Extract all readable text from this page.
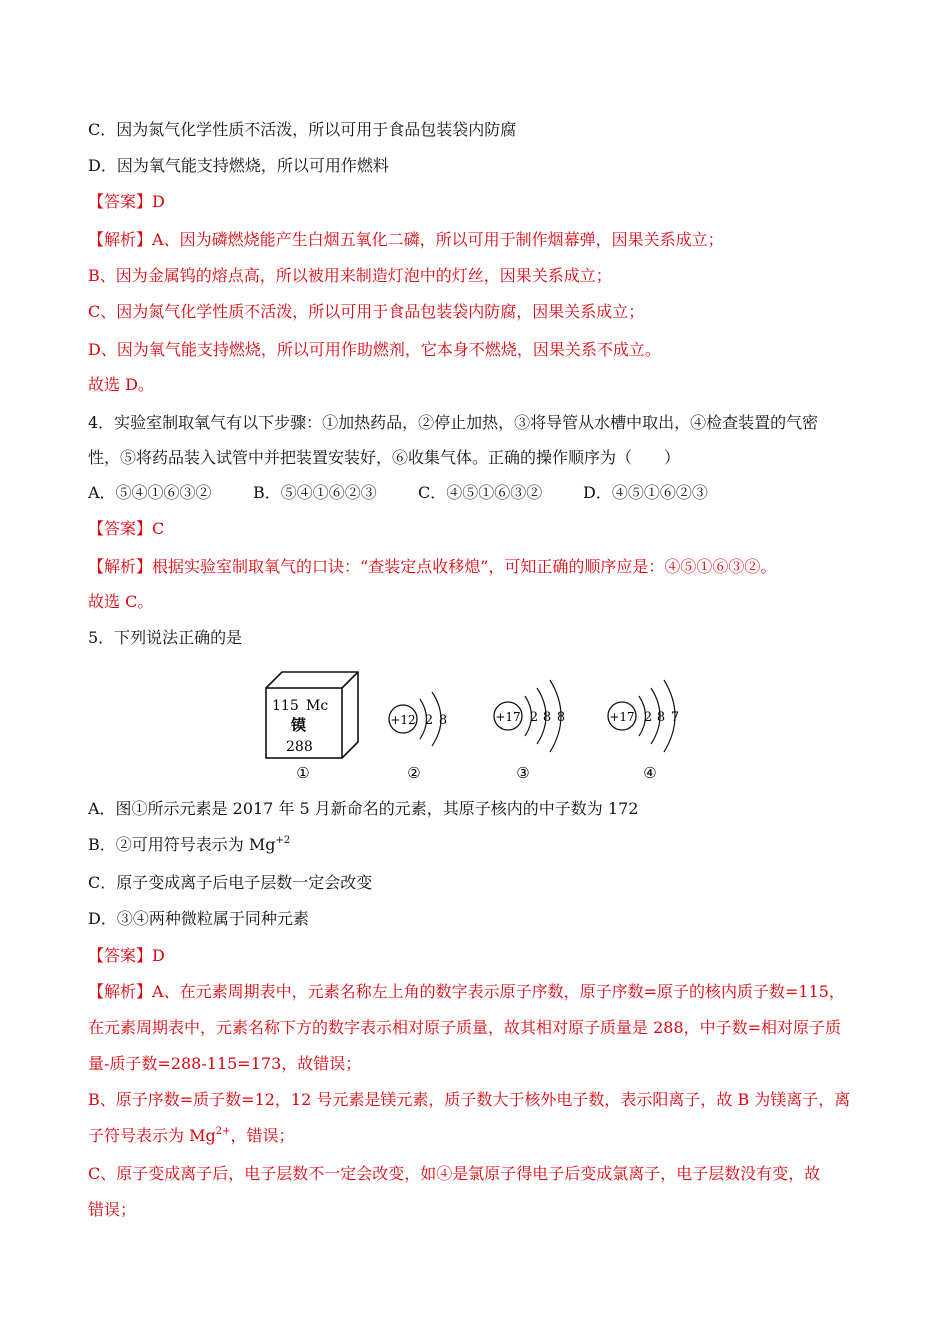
C．因为氮气化学性质不活泼，所以可用于食品包装袋内防腐
D．因为氧气能支持燃烧，所以可用作燃料
【答案】D
【解析】A、因为磷燃烧能产生白烟五氧化二磷，所以可用于制作烟幕弹，因果关系成立；
B、因为金属钨的熔点高，所以被用来制造灯泡中的灯丝，因果关系成立；
C、因为氮气化学性质不活泼，所以可用于食品包装袋内防腐，因果关系成立；
D、因为氧气能支持燃烧，所以可用作助燃剂，它本身不燃烧，因果关系不成立。
故选 D。
4．实验室制取氧气有以下步骤：①加热药品，②停止加热，③将导管从水槽中取出，④检查装置的气密
性，⑤将药品装入试管中并把装置安装好，⑥收集气体。正确的操作顺序为（　　）
A．⑤④①⑥③②	B．⑤④①⑥②③	C．④⑤①⑥③②	D．④⑤①⑥②③
【答案】C
【解析】根据实验室制取氧气的口诀：“查装定点收移熄”，可知正确的顺序应是：④⑤①⑥③②。
故选 C。
5．下列说法正确的是
115 Mc
镆
288
+12 2 8	+17 2 8 8	+17 2 8 7
①	②	③	④
A．图①所示元素是 2017 年 5 月新命名的元素，其原子核内的中子数为 172
B．②可用符号表示为 $Mg^{+2}$
C．原子变成离子后电子层数一定会改变
D．③④两种微粒属于同种元素
【答案】D
【解析】A、在元素周期表中，元素名称左上角的数字表示原子序数，原子序数=原子的核内质子数=115，
在元素周期表中，元素名称下方的数字表示相对原子质量，故其相对原子质量是 288，中子数=相对原子质
量-质子数=288-115=173，故错误；
B、原子序数=质子数=12，12 号元素是镁元素，质子数大于核外电子数，表示阳离子，故 B 为镁离子，离
子符号表示为 $Mg^{2+}$，错误；
C、原子变成离子后，电子层数不一定会改变，如④是氯原子得电子后变成氯离子，电子层数没有变，故
错误；
